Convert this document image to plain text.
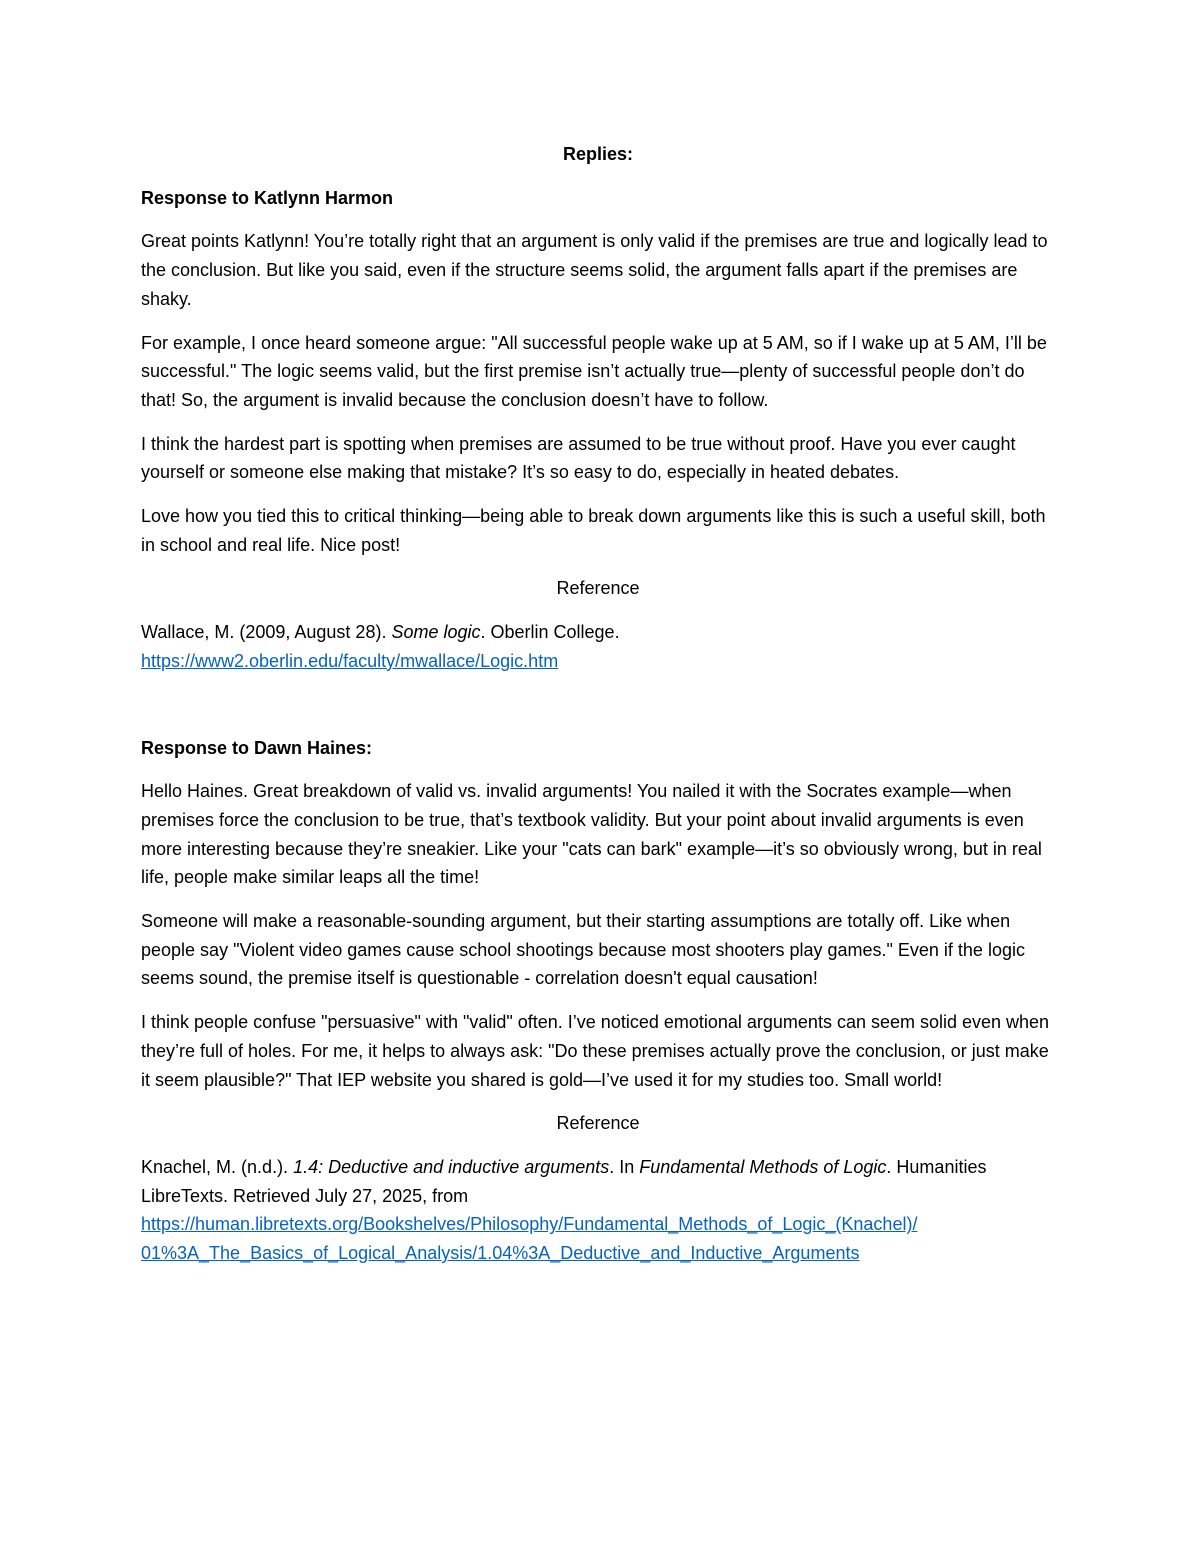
Replies:
Response to Katlynn Harmon

Great points Katlynn! You’re totally right that an argument is only valid if the premises are true and logically lead to the conclusion. But like you said, even if the structure seems solid, the argument falls apart if the premises are shaky.

For example, I once heard someone argue: "All successful people wake up at 5 AM, so if I wake up at 5 AM, I’ll be successful." The logic seems valid, but the first premise isn’t actually true—plenty of successful people don’t do that! So, the argument is invalid because the conclusion doesn’t have to follow.

I think the hardest part is spotting when premises are assumed to be true without proof. Have you ever caught yourself or someone else making that mistake? It’s so easy to do, especially in heated debates.

Love how you tied this to critical thinking—being able to break down arguments like this is such a useful skill, both in school and real life. Nice post!

Reference
Wallace, M. (2009, August 28). Some logic. Oberlin College.
https://www2.oberlin.edu/faculty/mwallace/Logic.htm
Response to Dawn Haines:

Hello Haines. Great breakdown of valid vs. invalid arguments! You nailed it with the Socrates example—when premises force the conclusion to be true, that’s textbook validity. But your point about invalid arguments is even more interesting because they’re sneakier. Like your "cats can bark" example—it’s so obviously wrong, but in real life, people make similar leaps all the time!

Someone will make a reasonable-sounding argument, but their starting assumptions are totally off. Like when people say "Violent video games cause school shootings because most shooters play games." Even if the logic seems sound, the premise itself is questionable - correlation doesn't equal causation!

I think people confuse "persuasive" with "valid" often. I’ve noticed emotional arguments can seem solid even when they’re full of holes. For me, it helps to always ask: "Do these premises actually prove the conclusion, or just make it seem plausible?" That IEP website you shared is gold—I’ve used it for my studies too. Small world!

Reference
Knachel, M. (n.d.). 1.4: Deductive and inductive arguments. In Fundamental Methods of Logic. Humanities LibreTexts. Retrieved July 27, 2025, from
https://human.libretexts.org/Bookshelves/Philosophy/Fundamental_Methods_of_Logic_(Knachel)/
01%3A_The_Basics_of_Logical_Analysis/1.04%3A_Deductive_and_Inductive_Arguments
